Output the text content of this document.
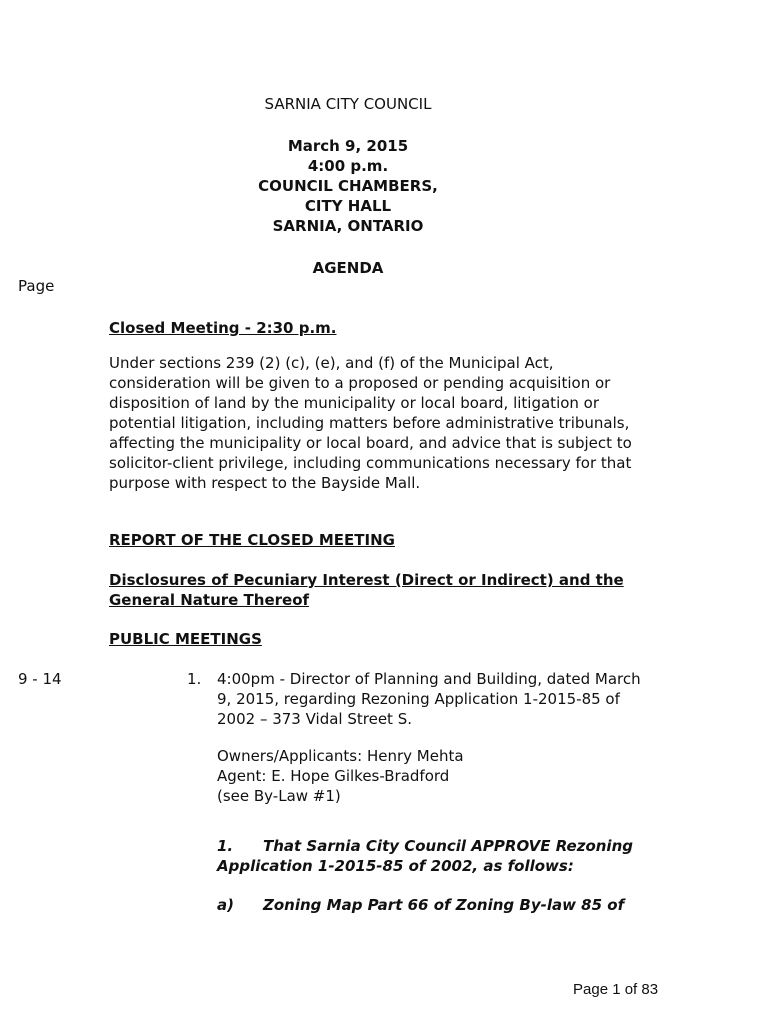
SARNIA CITY COUNCIL
March 9, 2015
4:00 p.m.
COUNCIL CHAMBERS,
CITY HALL
SARNIA, ONTARIO
AGENDA
Page
Closed Meeting - 2:30 p.m.
Under sections 239 (2) (c), (e), and (f) of the Municipal Act,
consideration will be given to a proposed or pending acquisition or
disposition of land by the municipality or local board, litigation or
potential litigation, including matters before administrative tribunals,
affecting the municipality or local board, and advice that is subject to
solicitor-client privilege, including communications necessary for that
purpose with respect to the Bayside Mall.
REPORT OF THE CLOSED MEETING
Disclosures of Pecuniary Interest (Direct or Indirect) and the
General Nature Thereof
PUBLIC MEETINGS
9 - 14	1. 4:00pm - Director of Planning and Building, dated March
9, 2015, regarding Rezoning Application 1-2015-85 of
2002 – 373 Vidal Street S.
Owners/Applicants: Henry Mehta
Agent: E. Hope Gilkes-Bradford
(see By-Law #1)
1.	That Sarnia City Council APPROVE Rezoning
Application 1-2015-85 of 2002, as follows:
a) Zoning Map Part 66 of Zoning By-law 85 of
Page 1 of 83
